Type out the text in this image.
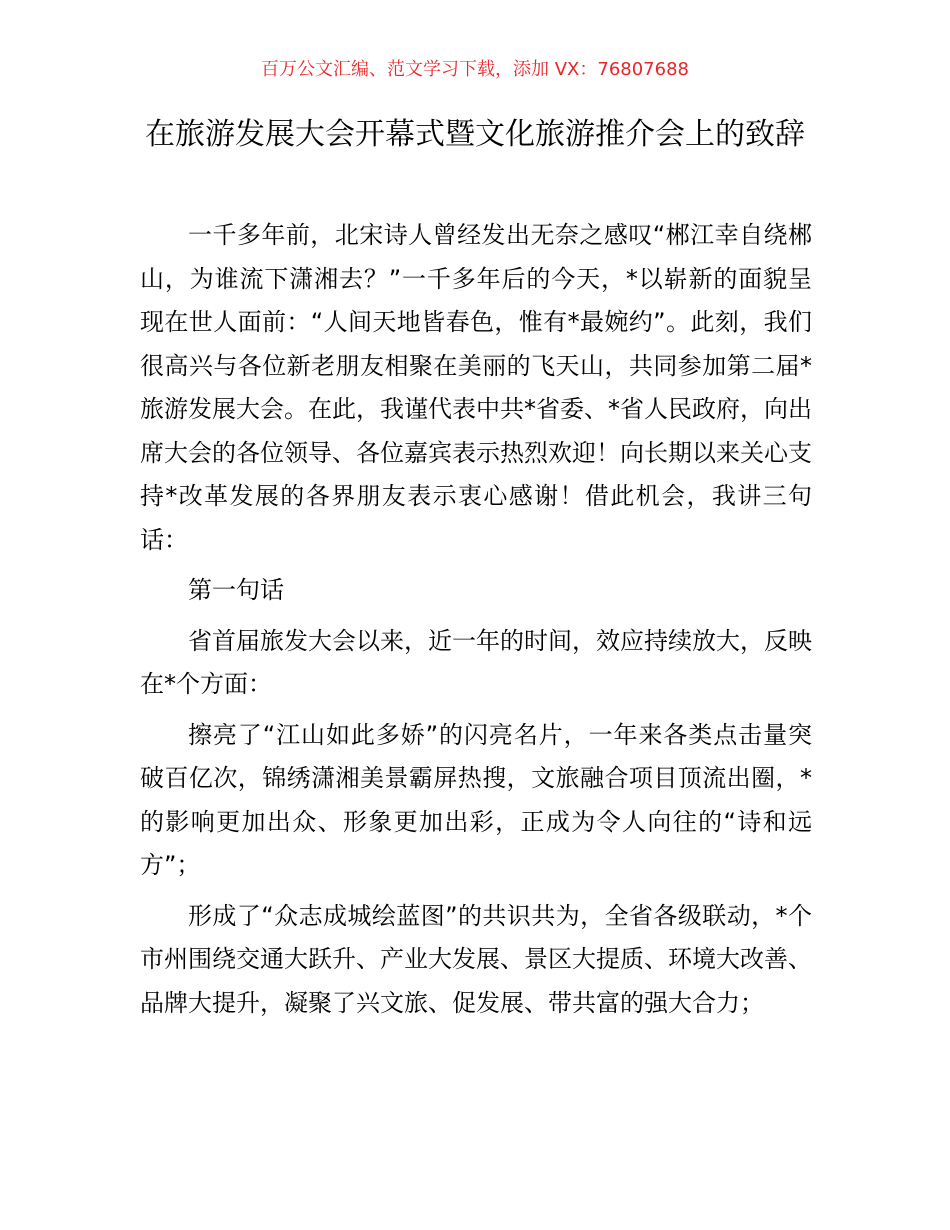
百万公文汇编、范文学习下载，添加 VX：76807688
在旅游发展大会开幕式暨文化旅游推介会上的致辞

一千多年前，北宋诗人曾经发出无奈之感叹“郴江幸自绕郴山，为谁流下潇湘去？”一千多年后的今天，*以崭新的面貌呈现在世人面前：“人间天地皆春色，惟有*最婉约”。此刻，我们很高兴与各位新老朋友相聚在美丽的飞天山，共同参加第二届*旅游发展大会。在此，我谨代表中共*省委、*省人民政府，向出席大会的各位领导、各位嘉宾表示热烈欢迎！向长期以来关心支持*改革发展的各界朋友表示衷心感谢！借此机会，我讲三句话：

第一句话

省首届旅发大会以来，近一年的时间，效应持续放大，反映在*个方面：

擦亮了“江山如此多娇”的闪亮名片，一年来各类点击量突破百亿次，锦绣潇湘美景霸屏热搜，文旅融合项目顶流出圈，*的影响更加出众、形象更加出彩，正成为令人向往的“诗和远方”；

形成了“众志成城绘蓝图”的共识共为，全省各级联动，*个市州围绕交通大跃升、产业大发展、景区大提质、环境大改善、品牌大提升，凝聚了兴文旅、促发展、带共富的强大合力；
